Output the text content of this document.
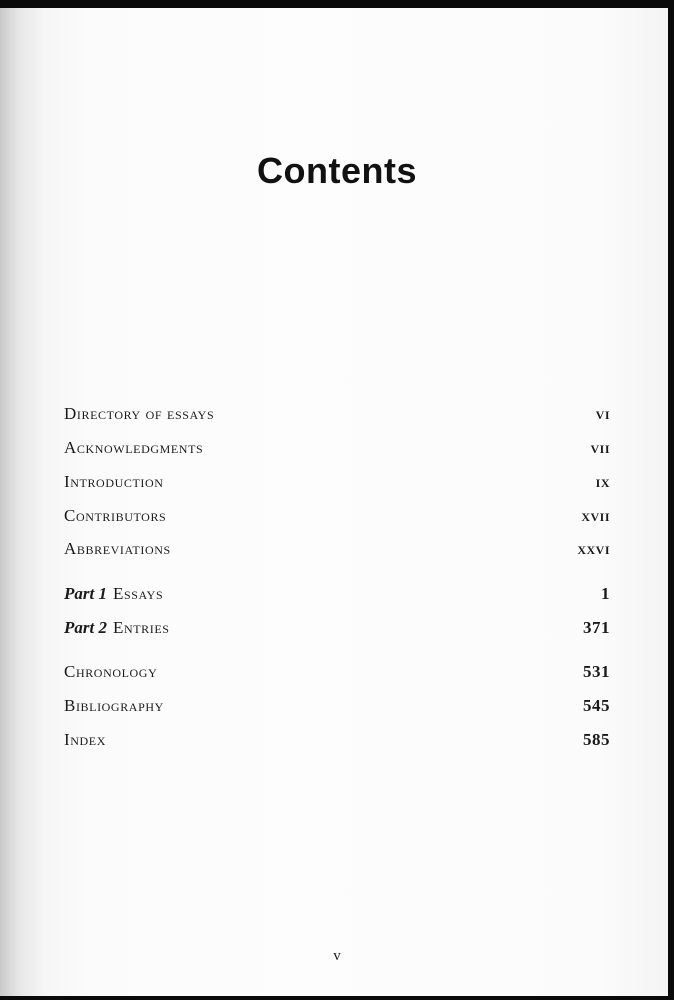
Contents
Directory of essays	vi
Acknowledgments	vii
Introduction	ix
Contributors	xvii
Abbreviations	xxvi
Part 1 Essays	1
Part 2 Entries	371
Chronology	531
Bibliography	545
Index	585
v
